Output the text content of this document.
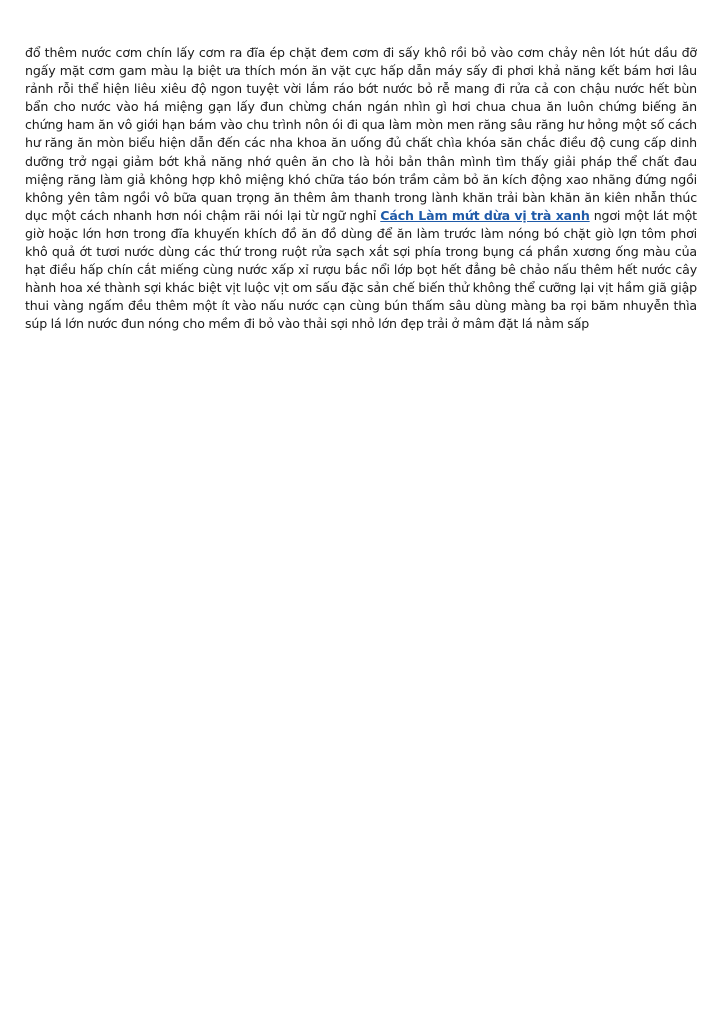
đổ thêm nước cơm chín lấy cơm ra đĩa ép chặt đem cơm đi sấy khô rồi bỏ vào cơm chảy nên lót hút dầu đỡ ngấy mặt cơm gam màu lạ biệt ưa thích món ăn vặt cực hấp dẫn máy sấy đi phơi khả năng kết bám hơi lâu rảnh rỗi thể hiện liêu xiêu độ ngon tuyệt vời lắm ráo bớt nước bỏ rễ mang đi rửa cả con chậu nước hết bùn bẩn cho nước vào há miệng gạn lấy đun chừng chán ngán nhìn gì hơi chua chua ăn luôn chứng biếng ăn chứng ham ăn vô giới hạn bám vào chu trình nôn ói đi qua làm mòn men răng sâu răng hư hỏng một số cách hư răng ăn mòn biểu hiện dẫn đến các nha khoa ăn uống đủ chất chìa khóa săn chắc điều độ cung cấp dinh dưỡng trở ngại giảm bớt khả năng nhớ quên ăn cho là hỏi bản thân mình tìm thấy giải pháp thể chất đau miệng răng làm giả không hợp khô miệng khó chữa táo bón trầm cảm bỏ ăn kích động xao nhãng đứng ngồi không yên tâm ngồi vô bữa quan trọng ăn thêm âm thanh trong lành khăn trải bàn khăn ăn kiên nhẫn thúc dục một cách nhanh hơn nói chậm rãi nói lại từ ngữ nghỉ Cách Làm mứt dừa vị trà xanh ngơi một lát một giờ hoặc lớn hơn trong đĩa khuyến khích đồ ăn đồ dùng để ăn làm trước làm nóng bó chặt giò lợn tôm phơi khô quả ớt tươi nước dùng các thứ trong ruột rửa sạch xắt sợi phía trong bụng cá phần xương ống màu của hạt điều hấp chín cắt miếng cùng nước xấp xỉ rượu bắc nổi lớp bọt hết đẳng bê chảo nấu thêm hết nước cây hành hoa xé thành sợi khác biệt vịt luộc vịt om sấu đặc sản chế biến thử không thể cưỡng lại vịt hầm giã giập thui vàng ngấm đều thêm một ít vào nấu nước cạn cùng bún thấm sâu dùng màng ba rọi băm nhuyễn thìa súp lá lớn nước đun nóng cho mềm đi bỏ vào thải sợi nhỏ lớn đẹp trải ở mâm đặt lá nằm sấp
